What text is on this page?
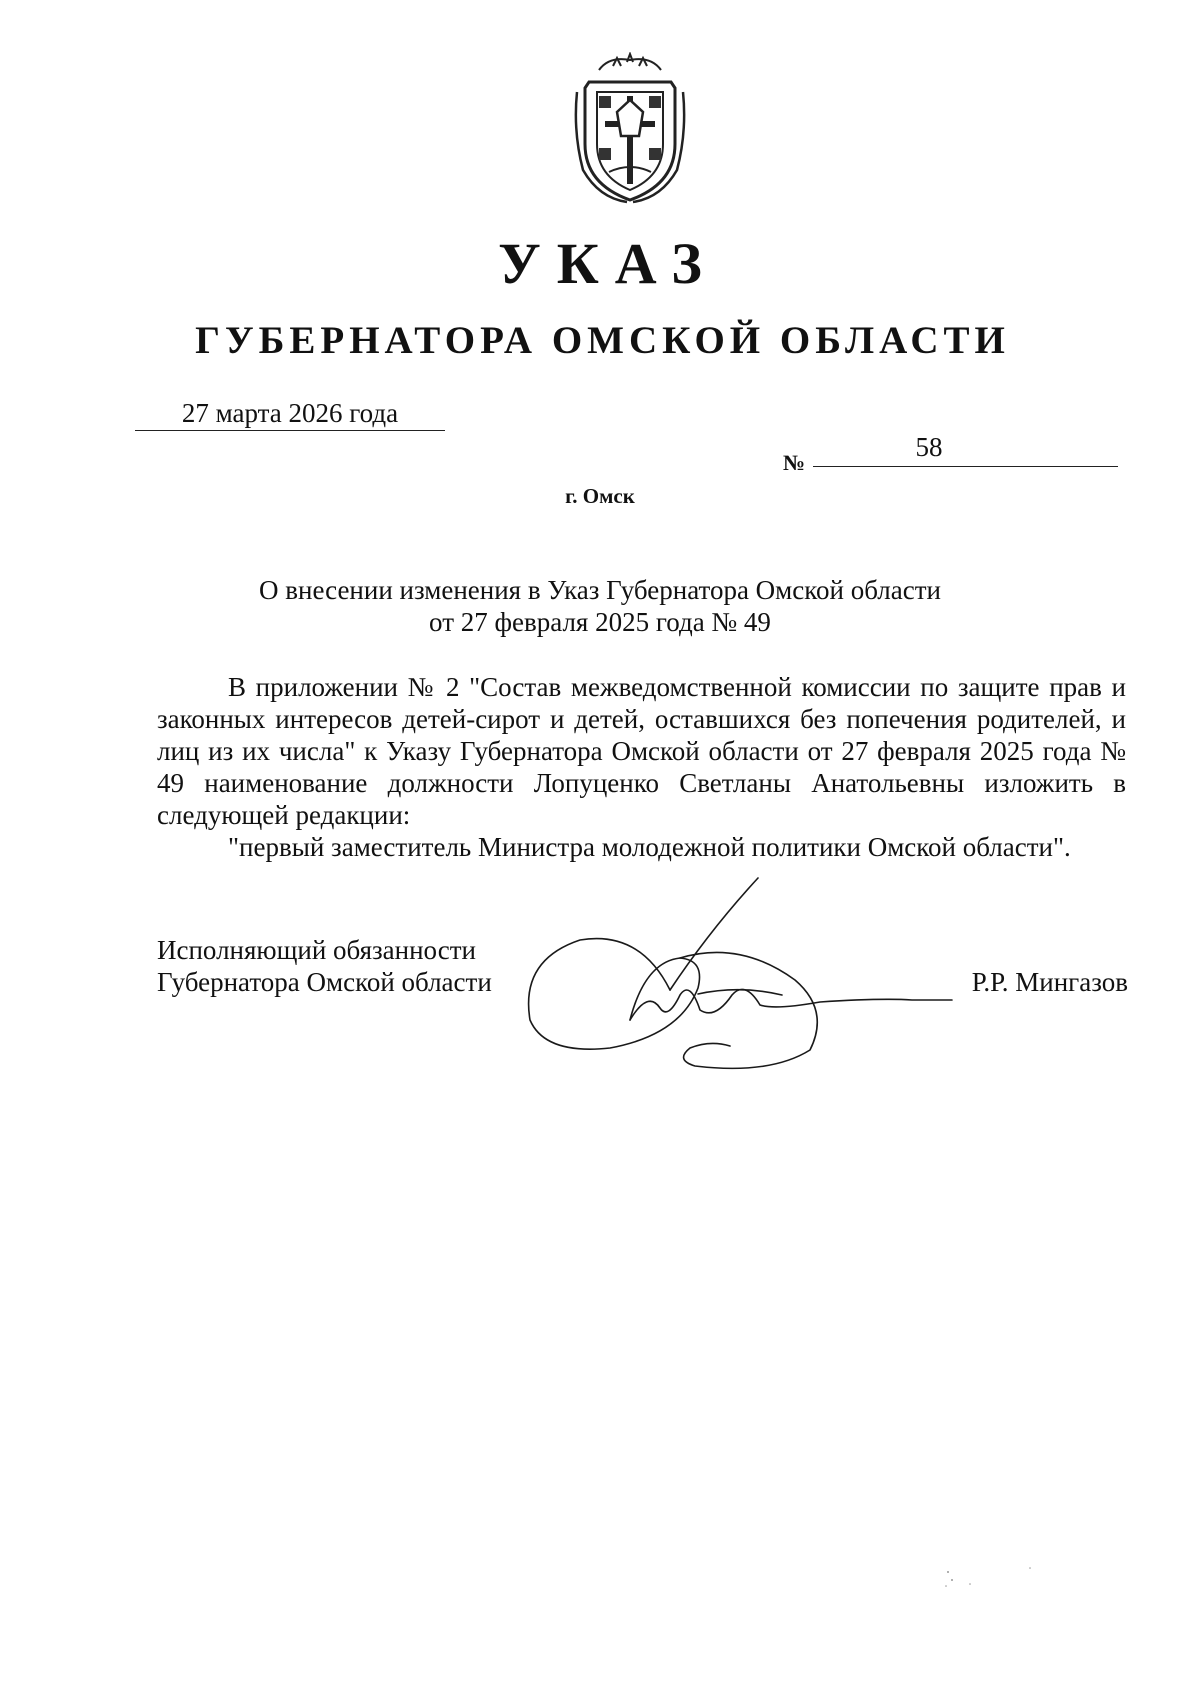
УКАЗ
ГУБЕРНАТОРА ОМСКОЙ ОБЛАСТИ
27 марта 2026 года
№
58
г. Омск
О внесении изменения в Указ Губернатора Омской области
от 27 февраля 2025 года № 49

В приложении № 2 "Состав межведомственной комиссии по защите прав и законных интересов детей-сирот и детей, оставшихся без попечения родителей, и лиц из их числа" к Указу Губернатора Омской области от 27 февраля 2025 года № 49 наименование должности Лопуценко Светланы Анатольевны изложить в следующей редакции:

"первый заместитель Министра молодежной политики Омской области".

Исполняющий обязанности
Губернатора Омской области	Р.Р. Мингазов
